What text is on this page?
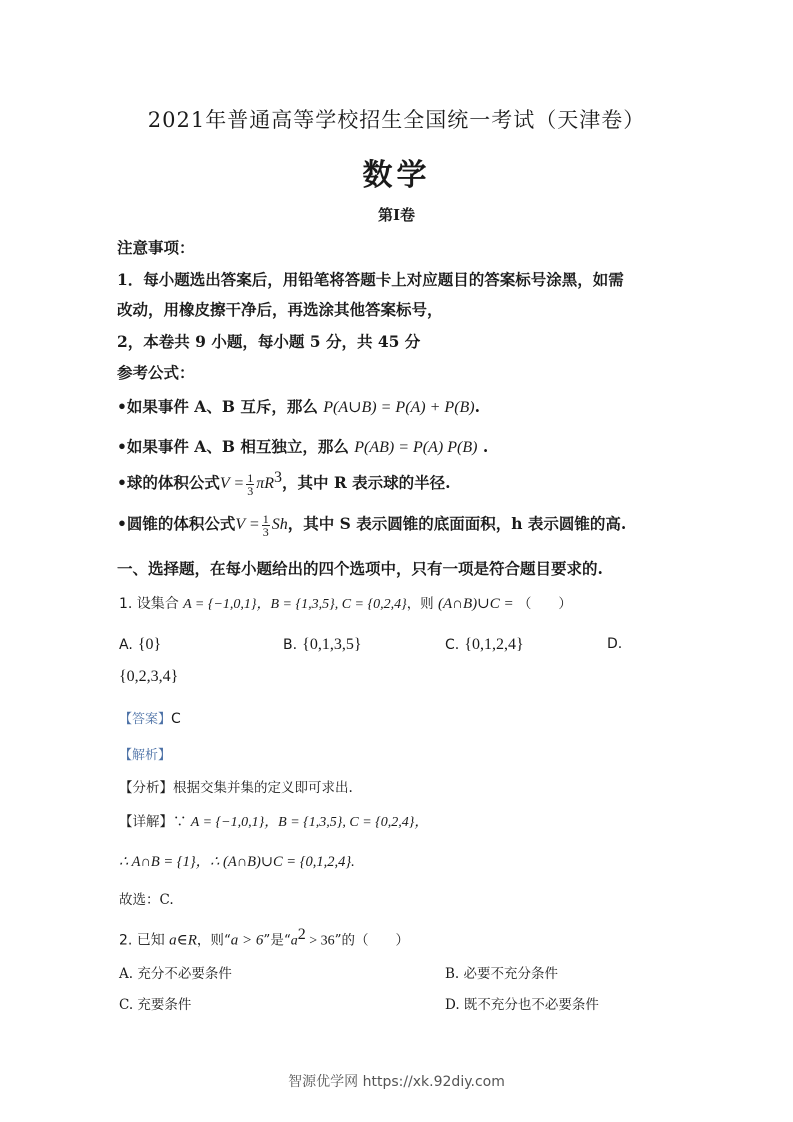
2021年普通高等学校招生全国统一考试（天津卷）
数学
第I卷
注意事项：
1．每小题选出答案后，用铅笔将答题卡上对应题目的答案标号涂黑，如需
改动，用橡皮擦干净后，再选涂其他答案标号，
2，本卷共 9 小题，每小题 5 分，共 45 分
参考公式：
•如果事件 A、B 互斥，那么 P(A∪B) = P(A) + P(B).
•如果事件 A、B 相互独立，那么 P(AB) = P(A) P(B) .
•球的体积公式$V = \frac{1}{3} \pi R^3$，其中 R 表示球的半径.
•圆锥的体积公式$V = \frac{1}{3}$ Sh，其中 S 表示圆锥的底面面积，h 表示圆锥的高.
一、选择题，在每小题给出的四个选项中，只有一项是符合题目要求的.
1. 设集合 A = {−1,0,1}，B = {1,3,5}, C = {0,2,4}，则 (A∩B)∪C = （　　）
A. {0}	B. {0,1,3,5}	C. {0,1,2,4}	D.
{0,2,3,4}
【答案】C
【解析】
【分析】根据交集并集的定义即可求出.
【详解】∵ A = {−1,0,1}，B = {1,3,5}, C = {0,2,4}，
∴ A∩B = {1}，∴ (A∩B)∪C = {0,1,2,4}.
故选：C.
2. 已知 a∈R，则“a > 6”是“$a^2 > 36$”的（　　）
A. 充分不必要条件	B. 必要不充分条件
C. 充要条件	D. 既不充分也不必要条件
智源优学网 https://xk.92diy.com
